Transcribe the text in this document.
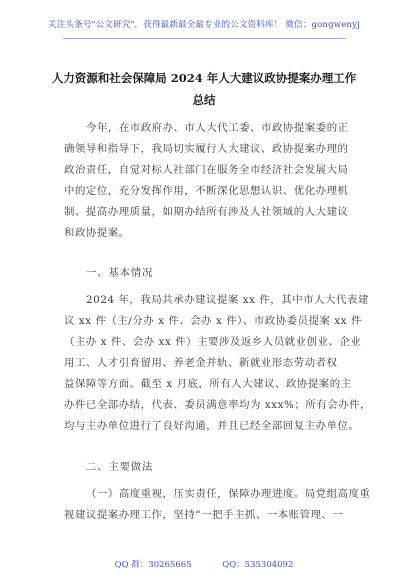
关注头条号"公文研究"，获得最新最全最专业的公文资料库！ 微信：gongwenyj
人力资源和社会保障局 2024 年人大建议政协提案办理工作
总结
今年，在市政府办、市人大代工委、市政协提案委的正
确领导和指导下，我局切实履行人大建议、政协提案办理的
政治责任，自觉对标人社部门在服务全市经济社会发展大局
中的定位，充分发挥作用，不断深化思想认识、优化办理机
制、提高办理质量，如期办结所有涉及人社领域的人大建议
和政协提案。
一、基本情况
2024 年，我局共承办建议提案 xx 件，其中市人大代表建
议 xx 件（主/分办 x 件、会办 x 件）、市政协委员提案 xx 件
（主办 x 件、会办 xx 件）主要涉及返乡人员就业创业、企业
用工、人才引育留用、养老金并轨、新就业形态劳动者权
益保障等方面。截至 x 月底，所有人大建议、政协提案的主
办件已全部办结，代表、委员满意率均为 xxx%；所有会办件，
均与主办单位进行了良好沟通，并且已经全部回复主办单位。
二、主要做法
（一）高度重视，压实责任，保障办理进度。局党组高度重
视建议提案办理工作，坚持“一把手主抓、一本账管理、一
QQ 群：30265665	QQ：535304092
